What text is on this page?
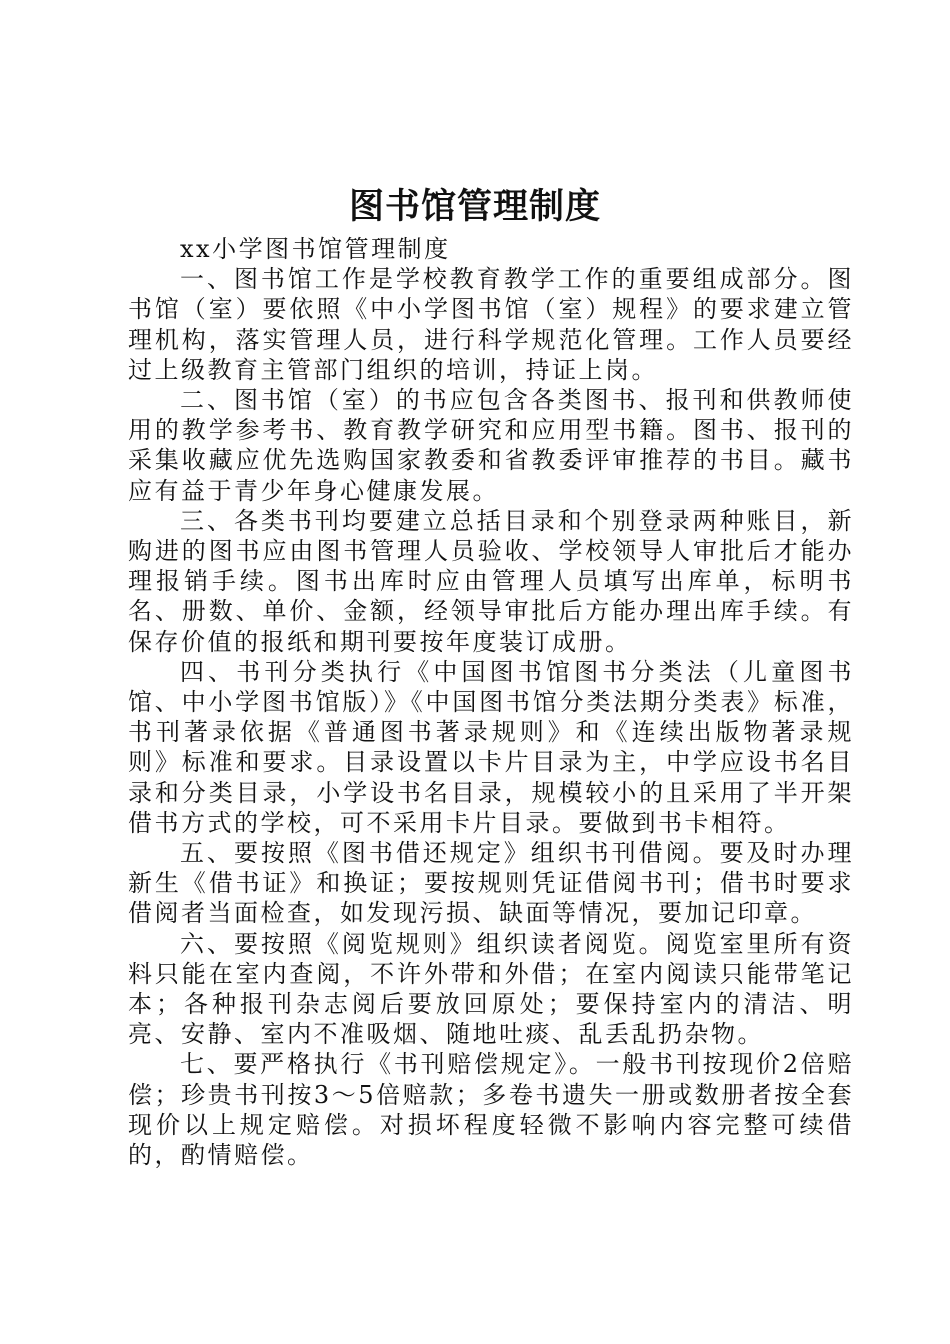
图书馆管理制度

xx小学图书馆管理制度

一、图书馆工作是学校教育教学工作的重要组成部分。图书馆（室）要依照《中小学图书馆（室）规程》的要求建立管理机构，落实管理人员，进行科学规范化管理。工作人员要经过上级教育主管部门组织的培训，持证上岗。

二、图书馆（室）的书应包含各类图书、报刊和供教师使用的教学参考书、教育教学研究和应用型书籍。图书、报刊的采集收藏应优先选购国家教委和省教委评审推荐的书目。藏书应有益于青少年身心健康发展。

三、各类书刊均要建立总括目录和个别登录两种账目，新购进的图书应由图书管理人员验收、学校领导人审批后才能办理报销手续。图书出库时应由管理人员填写出库单，标明书名、册数、单价、金额，经领导审批后方能办理出库手续。有保存价值的报纸和期刊要按年度装订成册。

四、书刊分类执行《中国图书馆图书分类法（儿童图书馆、中小学图书馆版）》《中国图书馆分类法期分类表》标准，书刊著录依据《普通图书著录规则》和《连续出版物著录规则》标准和要求。目录设置以卡片目录为主，中学应设书名目录和分类目录，小学设书名目录，规模较小的且采用了半开架借书方式的学校，可不采用卡片目录。要做到书卡相符。

五、要按照《图书借还规定》组织书刊借阅。要及时办理新生《借书证》和换证；要按规则凭证借阅书刊；借书时要求借阅者当面检查，如发现污损、缺面等情况，要加记印章。

六、要按照《阅览规则》组织读者阅览。阅览室里所有资料只能在室内查阅，不许外带和外借；在室内阅读只能带笔记本；各种报刊杂志阅后要放回原处；要保持室内的清洁、明亮、安静、室内不准吸烟、随地吐痰、乱丢乱扔杂物。

七、要严格执行《书刊赔偿规定》。一般书刊按现价2倍赔偿；珍贵书刊按3～5倍赔款；多卷书遗失一册或数册者按全套现价以上规定赔偿。对损坏程度轻微不影响内容完整可续借的，酌情赔偿。
